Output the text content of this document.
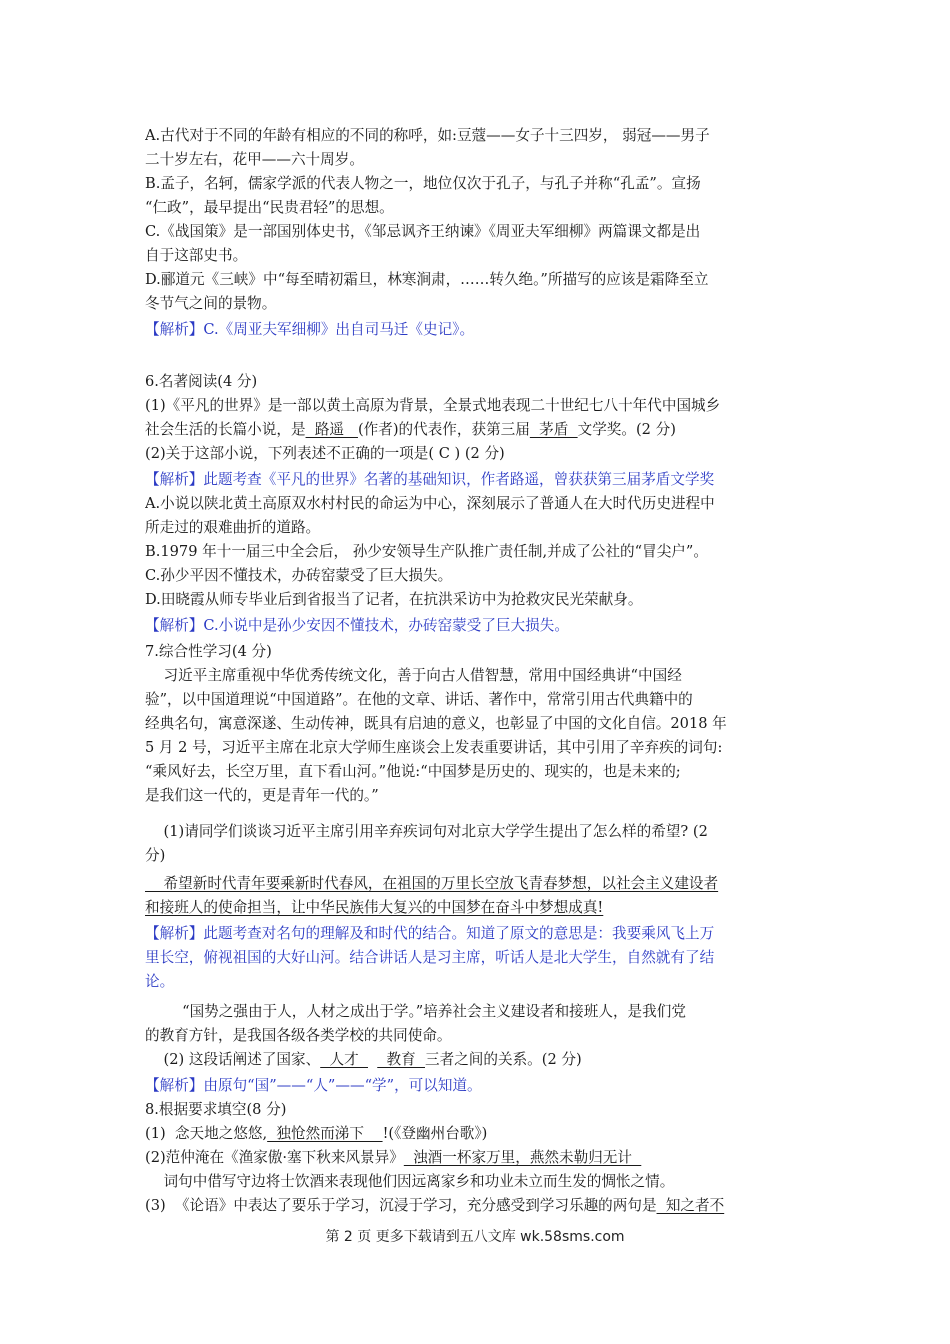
A.古代对于不同的年龄有相应的不同的称呼，如:豆蔻——女子十三四岁， 弱冠——男子
二十岁左右，花甲——六十周岁。
B.孟子，名轲，儒家学派的代表人物之一，地位仅次于孔子，与孔子并称“孔孟”。宣扬
“仁政”，最早提出“民贵君轻”的思想。
C.《战国策》是一部国别体史书，《邹忌讽齐王纳谏》《周亚夫军细柳》两篇课文都是出
自于这部史书。
D.郦道元《三峡》中“每至晴初霜旦，林寒涧肃，……转久绝。”所描写的应该是霜降至立
冬节气之间的景物。
【解析】C.《周亚夫军细柳》出自司马迁《史记》。
6.名著阅读(4 分)
(1)《平凡的世界》是一部以黄土高原为背景，全景式地表现二十世纪七八十年代中国城乡
社会生活的长篇小说，是  路遥   (作者)的代表作，获第三届  茅盾  文学奖。(2 分)
(2)关于这部小说，下列表述不正确的一项是( C ) (2 分)
【解析】此题考查《平凡的世界》名著的基础知识，作者路遥，曾获获第三届茅盾文学奖
A.小说以陕北黄土高原双水村村民的命运为中心，深刻展示了普通人在大时代历史进程中
所走过的艰难曲折的道路。
B.1979 年十一届三中全会后， 孙少安领导生产队推广责任制,并成了公社的“冒尖户”。
C.孙少平因不懂技术，办砖窑蒙受了巨大损失。
D.田晓霞从师专毕业后到省报当了记者，在抗洪采访中为抢救灾民光荣献身。
【解析】C.小说中是孙少安因不懂技术，办砖窑蒙受了巨大损失。
7.综合性学习(4 分)
习近平主席重视中华优秀传统文化，善于向古人借智慧，常用中国经典讲“中国经
验”，以中国道理说“中国道路”。在他的文章、讲话、著作中，常常引用古代典籍中的
经典名句，寓意深遂、生动传神，既具有启迪的意义，也彰显了中国的文化自信。2018 年
5 月 2 号，习近平主席在北京大学师生座谈会上发表重要讲话，其中引用了辛弃疾的词句:
“乘风好去，长空万里，直下看山河。”他说:“中国梦是历史的、现实的，也是未来的;
是我们这一代的，更是青年一代的。”
(1)请同学们谈谈习近平主席引用辛弃疾词句对北京大学学生提出了怎么样的希望? (2
分)
希望新时代青年要乘新时代春风，在祖国的万里长空放飞青春梦想，以社会主义建设者
和接班人的使命担当，让中华民族伟大复兴的中国梦在奋斗中梦想成真!
【解析】此题考查对名句的理解及和时代的结合。知道了原文的意思是：我要乘风飞上万
里长空，俯视祖国的大好山河。结合讲话人是习主席，听话人是北大学生，自然就有了结
论。
“国势之强由于人，人材之成出于学。”培养社会主义建设者和接班人，是我们党
的教育方针，是我国各级各类学校的共同使命。
(2) 这段话阐述了国家、  人才      教育  三者之间的关系。(2 分)
【解析】由原句“国”——“人”——“学”，可以知道。
8.根据要求填空(8 分)
(1)  念天地之悠悠,  独怆然而涕下    !(《登幽州台歌》)
(2)范仲淹在《渔家傲·塞下秋来风景异》  浊酒一杯家万里，燕然未勒归无计
词句中借写守边将士饮酒来表现他们因远离家乡和功业未立而生发的惆怅之情。
(3)  《论语》中表达了要乐于学习，沉浸于学习，充分感受到学习乐趣的两句是  知之者不
第 2 页 更多下载请到五八文库 wk.58sms.com
